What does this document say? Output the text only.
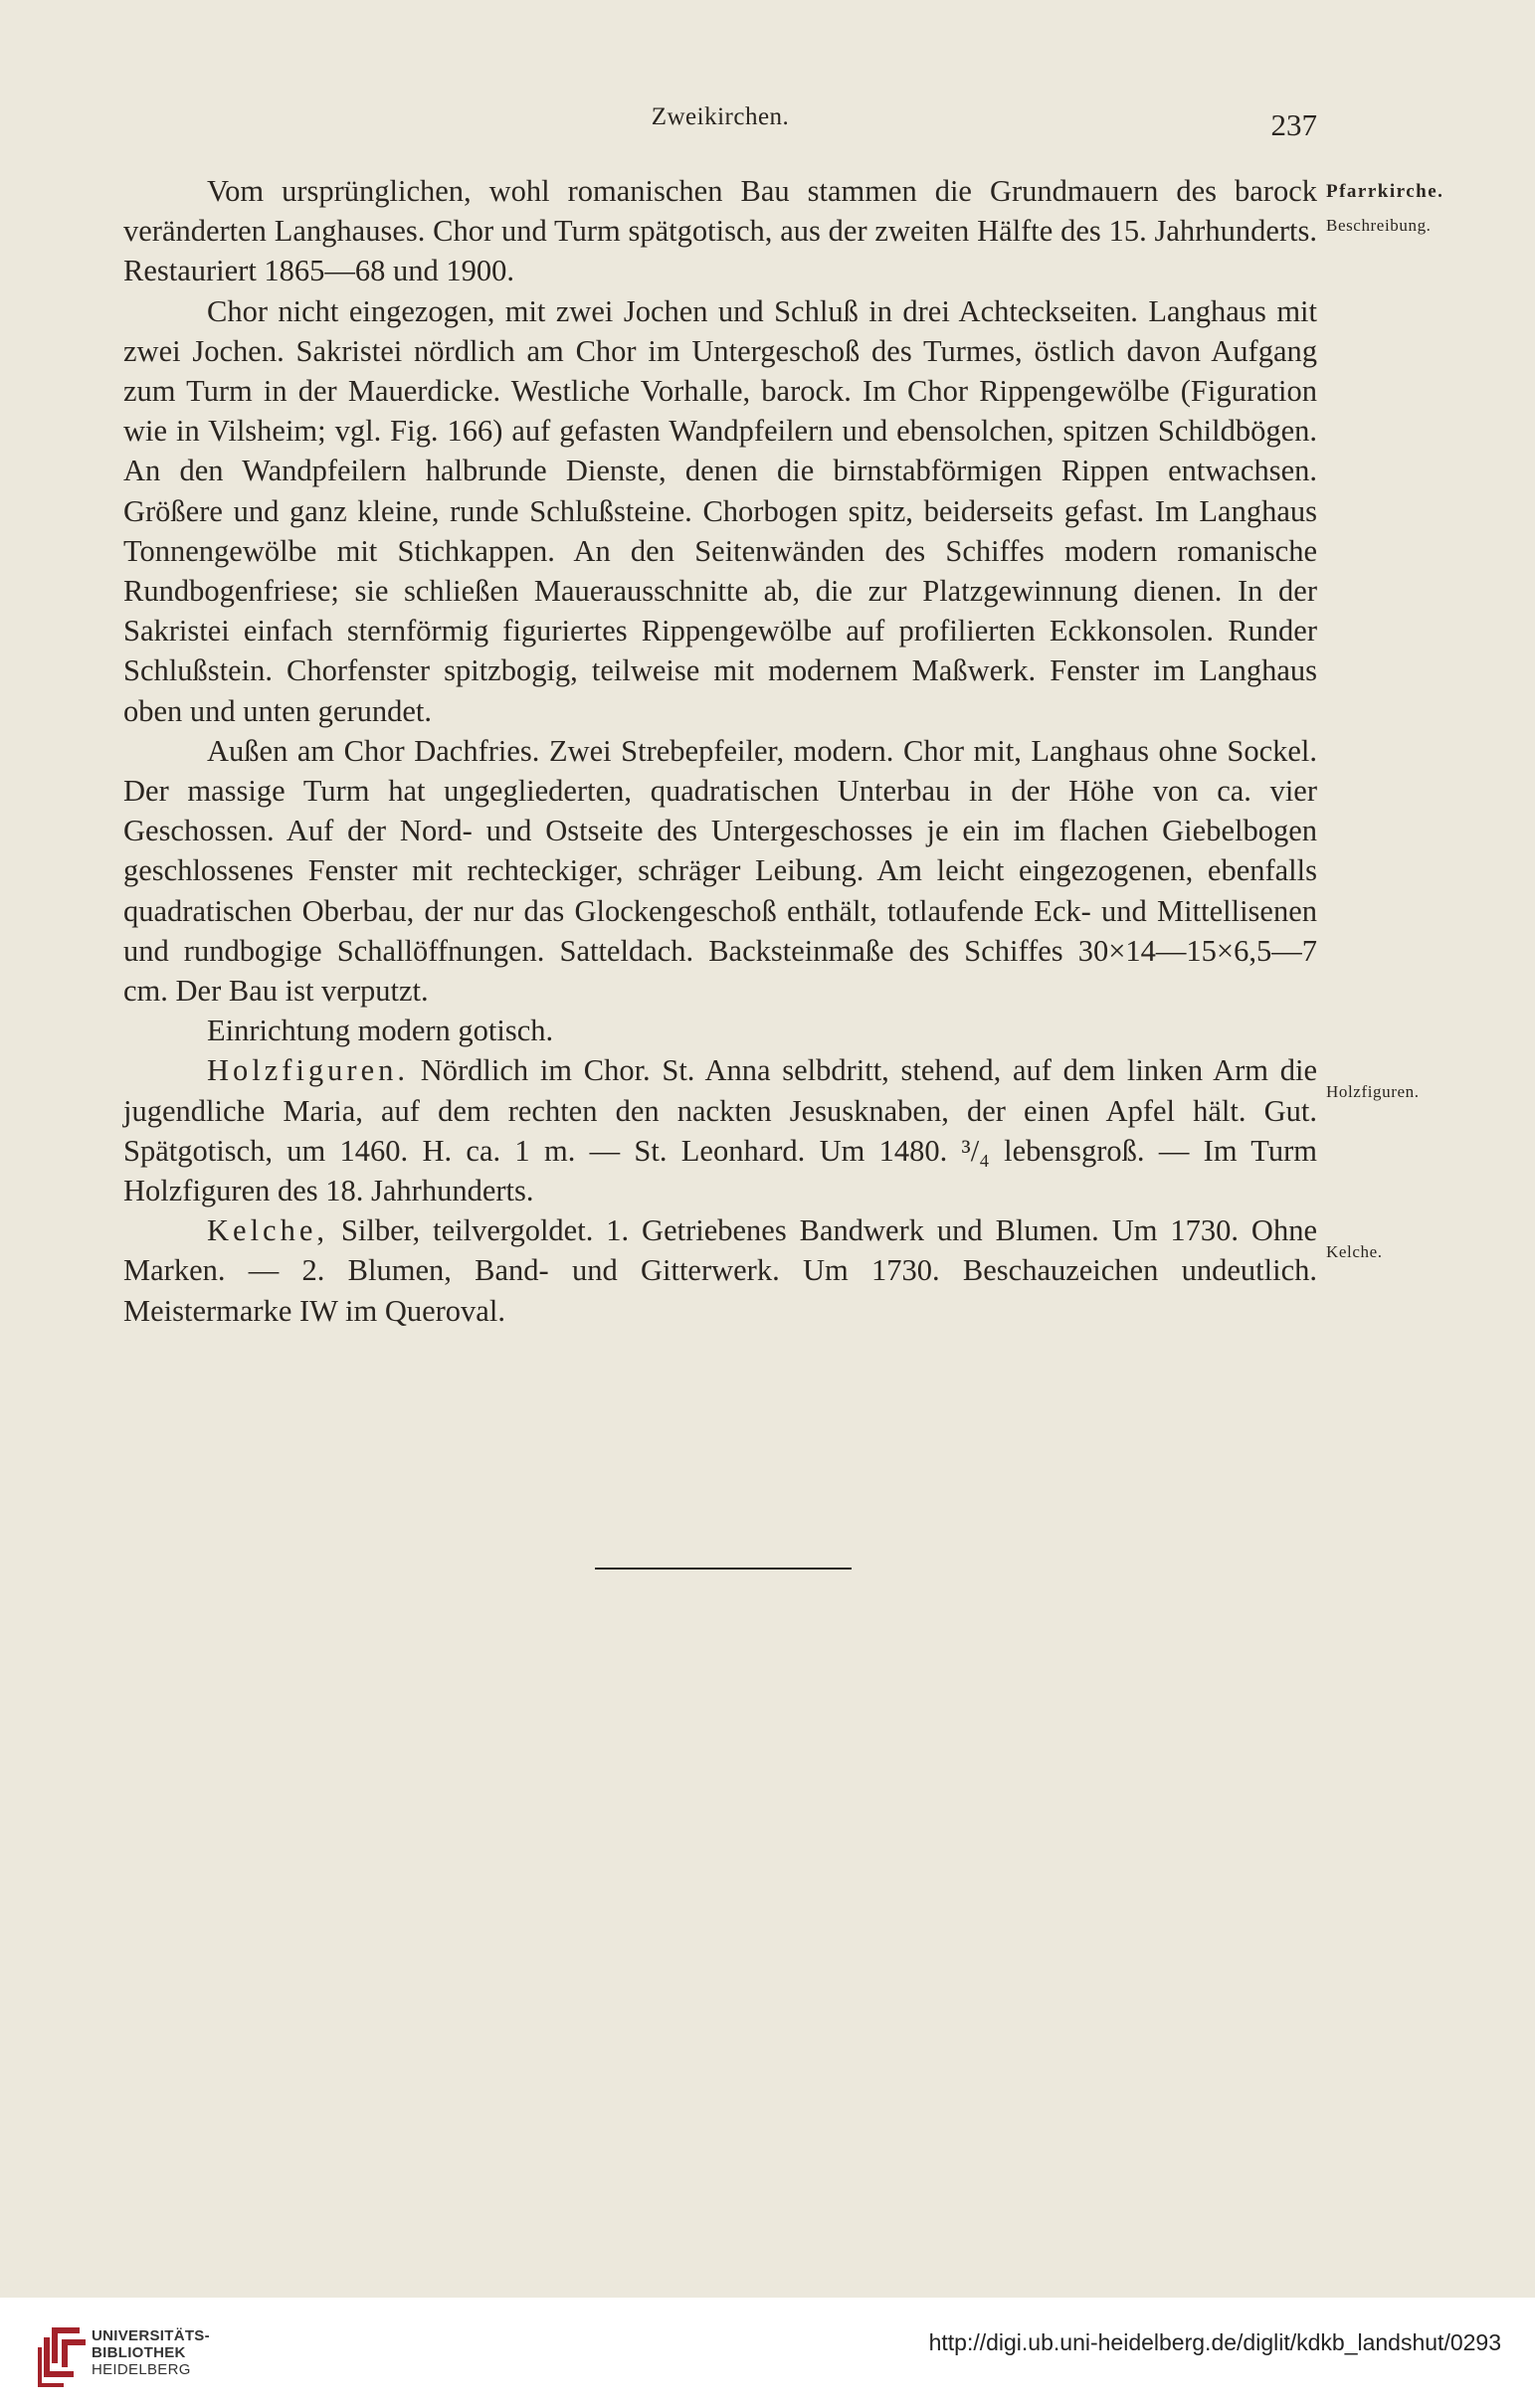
Zweikirchen.	237

Vom ursprünglichen, wohl romanischen Bau stammen die Grundmauern des barock veränderten Langhauses. Chor und Turm spätgotisch, aus der zweiten Hälfte des 15. Jahrhunderts. Restauriert 1865—68 und 1900.

Chor nicht eingezogen, mit zwei Jochen und Schluß in drei Achteckseiten. Langhaus mit zwei Jochen. Sakristei nördlich am Chor im Untergeschoß des Turmes, östlich davon Aufgang zum Turm in der Mauerdicke. Westliche Vorhalle, barock. Im Chor Rippengewölbe (Figuration wie in Vilsheim; vgl. Fig. 166) auf gefasten Wandpfeilern und ebensolchen, spitzen Schildbögen. An den Wandpfeilern halbrunde Dienste, denen die birnstabförmigen Rippen entwachsen. Größere und ganz kleine, runde Schlußsteine. Chorbogen spitz, beiderseits gefast. Im Langhaus Tonnengewölbe mit Stichkappen. An den Seitenwänden des Schiffes modern romanische Rundbogenfriese; sie schließen Mauerausschnitte ab, die zur Platzgewinnung dienen. In der Sakristei einfach sternförmig figuriertes Rippengewölbe auf profilierten Eckkonsolen. Runder Schlußstein. Chorfenster spitzbogig, teilweise mit modernem Maßwerk. Fenster im Langhaus oben und unten gerundet.

Außen am Chor Dachfries. Zwei Strebepfeiler, modern. Chor mit, Langhaus ohne Sockel. Der massige Turm hat ungegliederten, quadratischen Unterbau in der Höhe von ca. vier Geschossen. Auf der Nord- und Ostseite des Untergeschosses je ein im flachen Giebelbogen geschlossenes Fenster mit rechteckiger, schräger Leibung. Am leicht eingezogenen, ebenfalls quadratischen Oberbau, der nur das Glockengeschoß enthält, totlaufende Eck- und Mittellisenen und rundbogige Schallöffnungen. Satteldach. Backsteinmaße des Schiffes 30×14—15×6,5—7 cm. Der Bau ist verputzt.

Einrichtung modern gotisch.

Holzfiguren. Nördlich im Chor. St. Anna selbdritt, stehend, auf dem linken Arm die jugendliche Maria, auf dem rechten den nackten Jesusknaben, der einen Apfel hält. Gut. Spätgotisch, um 1460. H. ca. 1 m. — St. Leonhard. Um 1480. ³/₄ lebensgroß. — Im Turm Holzfiguren des 18. Jahrhunderts.

Kelche, Silber, teilvergoldet. 1. Getriebenes Bandwerk und Blumen. Um 1730. Ohne Marken. — 2. Blumen, Band- und Gitterwerk. Um 1730. Beschauzeichen undeutlich. Meistermarke IW im Queroval.

Pfarrkirche.
Beschreibung.
Holzfiguren.
Kelche.
UNIVERSITÄTS-
BIBLIOTHEK
HEIDELBERG
http://digi.ub.uni-heidelberg.de/diglit/kdkb_landshut/0293
